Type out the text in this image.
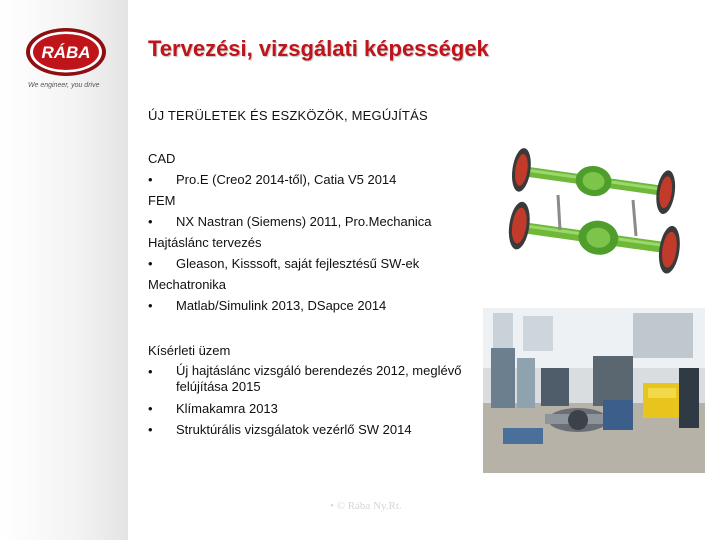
RÁBA
We engineer, you drive
Tervezési, vizsgálati képességek
ÚJ TERÜLETEK ÉS ESZKÖZÖK, MEGÚJÍTÁS
CAD
•	Pro.E (Creo2 2014-től), Catia V5 2014
FEM
•	NX Nastran (Siemens) 2011, Pro.Mechanica
Hajtáslánc tervezés
•	Gleason, Kisssoft, saját fejlesztésű SW-ek
Mechatronika
•	Matlab/Simulink 2013, DSapce 2014
Kísérleti üzem
•	Új hajtáslánc vizsgáló berendezés 2012, meglévő felújítása 2015
•	Klímakamra 2013
•	Struktúrális vizsgálatok vezérlő SW 2014
• © Rába Ny.Rt.
